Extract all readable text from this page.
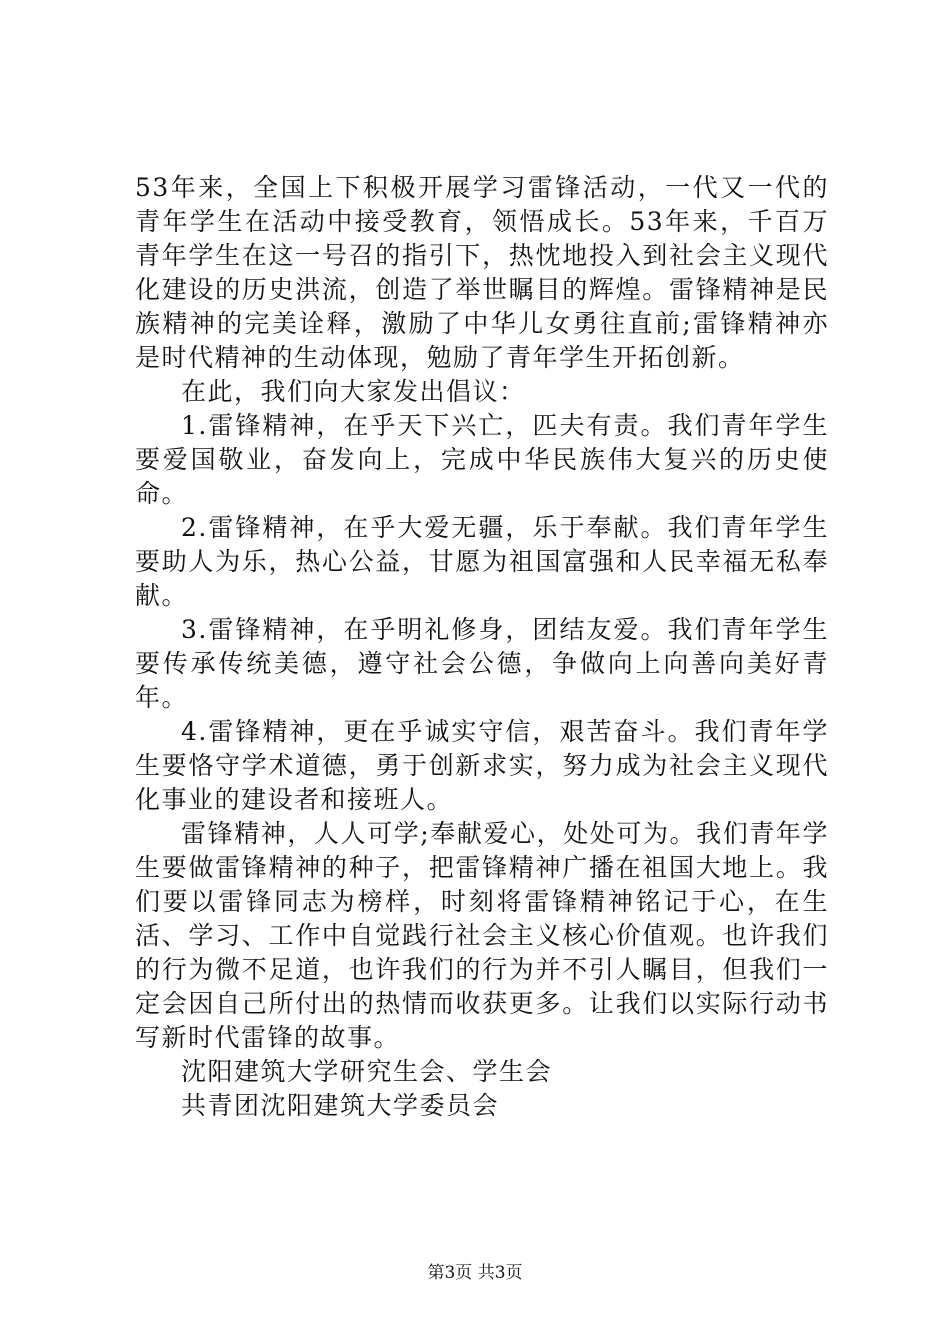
53年来，全国上下积极开展学习雷锋活动，一代又一代的青年学生在活动中接受教育，领悟成长。53年来，千百万青年学生在这一号召的指引下，热忱地投入到社会主义现代化建设的历史洪流，创造了举世瞩目的辉煌。雷锋精神是民族精神的完美诠释，激励了中华儿女勇往直前;雷锋精神亦是时代精神的生动体现，勉励了青年学生开拓创新。

在此，我们向大家发出倡议：

1.雷锋精神，在乎天下兴亡，匹夫有责。我们青年学生要爱国敬业，奋发向上，完成中华民族伟大复兴的历史使命。

2.雷锋精神，在乎大爱无疆，乐于奉献。我们青年学生要助人为乐，热心公益，甘愿为祖国富强和人民幸福无私奉献。

3.雷锋精神，在乎明礼修身，团结友爱。我们青年学生要传承传统美德，遵守社会公德，争做向上向善向美好青年。

4.雷锋精神，更在乎诚实守信，艰苦奋斗。我们青年学生要恪守学术道德，勇于创新求实，努力成为社会主义现代化事业的建设者和接班人。

雷锋精神，人人可学;奉献爱心，处处可为。我们青年学生要做雷锋精神的种子，把雷锋精神广播在祖国大地上。我们要以雷锋同志为榜样，时刻将雷锋精神铭记于心，在生活、学习、工作中自觉践行社会主义核心价值观。也许我们的行为微不足道，也许我们的行为并不引人瞩目，但我们一定会因自己所付出的热情而收获更多。让我们以实际行动书写新时代雷锋的故事。

沈阳建筑大学研究生会、学生会

共青团沈阳建筑大学委员会

第3页 共3页
